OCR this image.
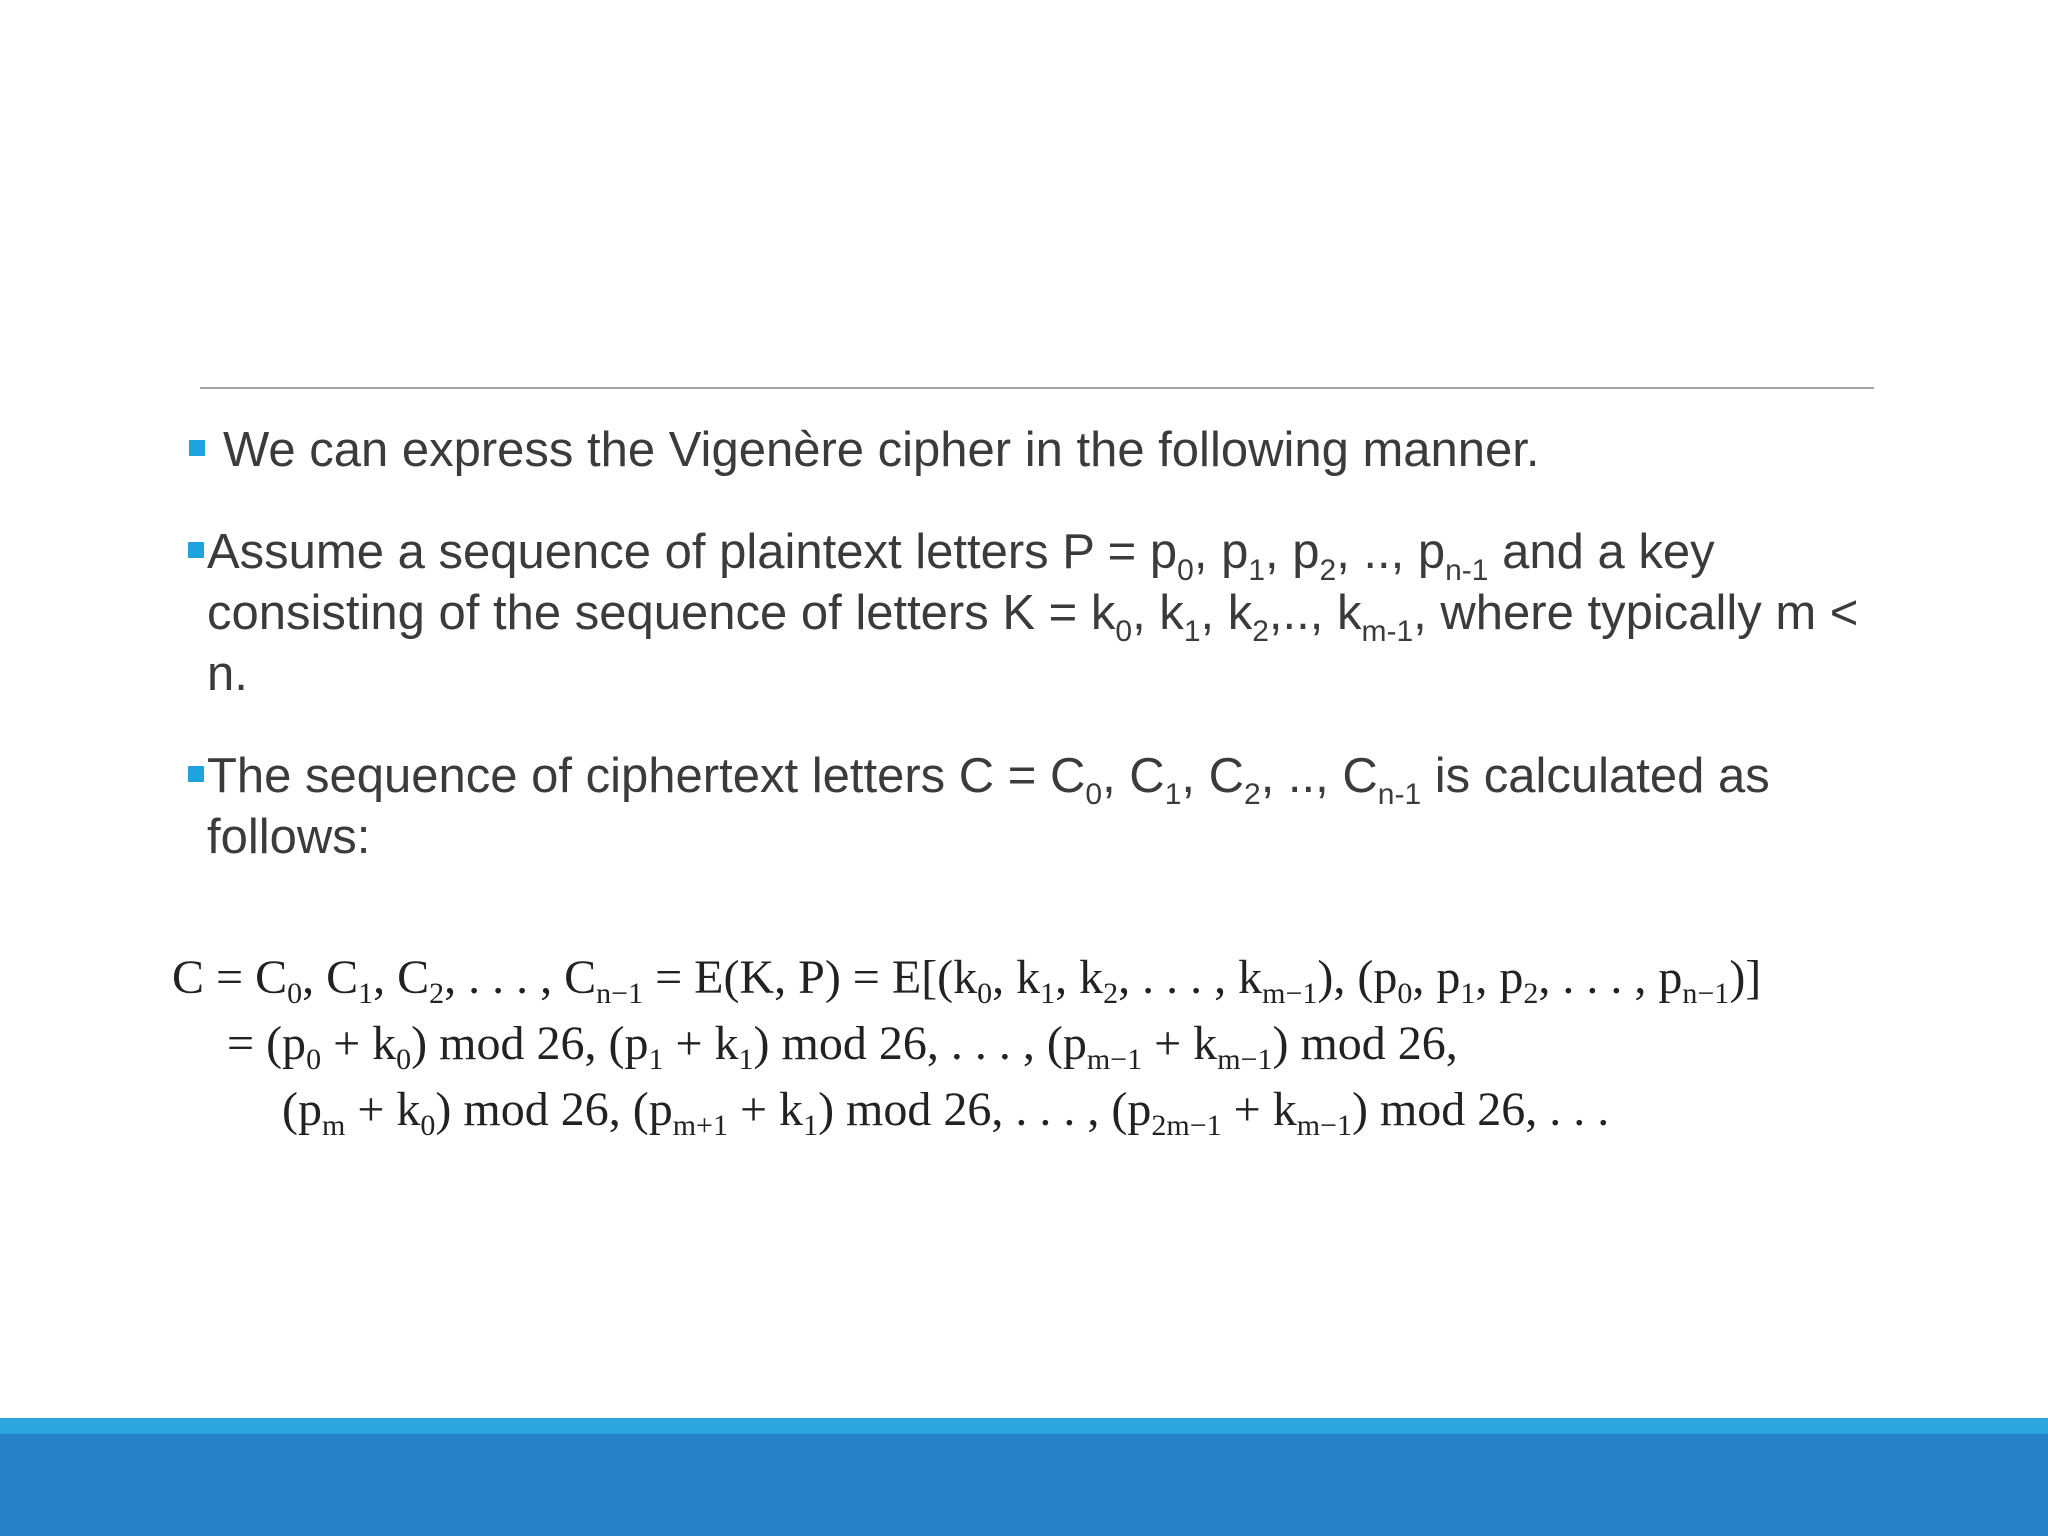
We can express the Vigenère cipher in the following manner.
Assume a sequence of plaintext letters $P = p_0$, $p_1$, $p_2$, .., $p_{n-1}$ and a key consisting of the sequence of letters $K = k_0$, $k_1$, $k_2$,.., $k_{m-1}$, where typically m < n.
The sequence of ciphertext letters $C = C_0$, $C_1$, $C_2$, .., $C_{n-1}$ is calculated as follows:
$C = C_0$, $C_1$, $C_2$, . . . , $C_{n-1} = E(K$, $P) = E[(k_0$, $k_1$, $k_2$, . . . , $k_{m-1}$), ($p_0$, $p_1$, $p_2$, . . . , $p_{n-1}$)]
= $(p_0 + k_0)$ mod 26, $(p_1 + k_1)$ mod 26, . . . , $(p_{m-1} + k_{m-1})$ mod 26,
$(p_m + k_0)$ mod 26, $(p_{m+1} + k_1)$ mod 26, . . . , $(p_{2m-1} + k_{m-1})$ mod 26, . . .
